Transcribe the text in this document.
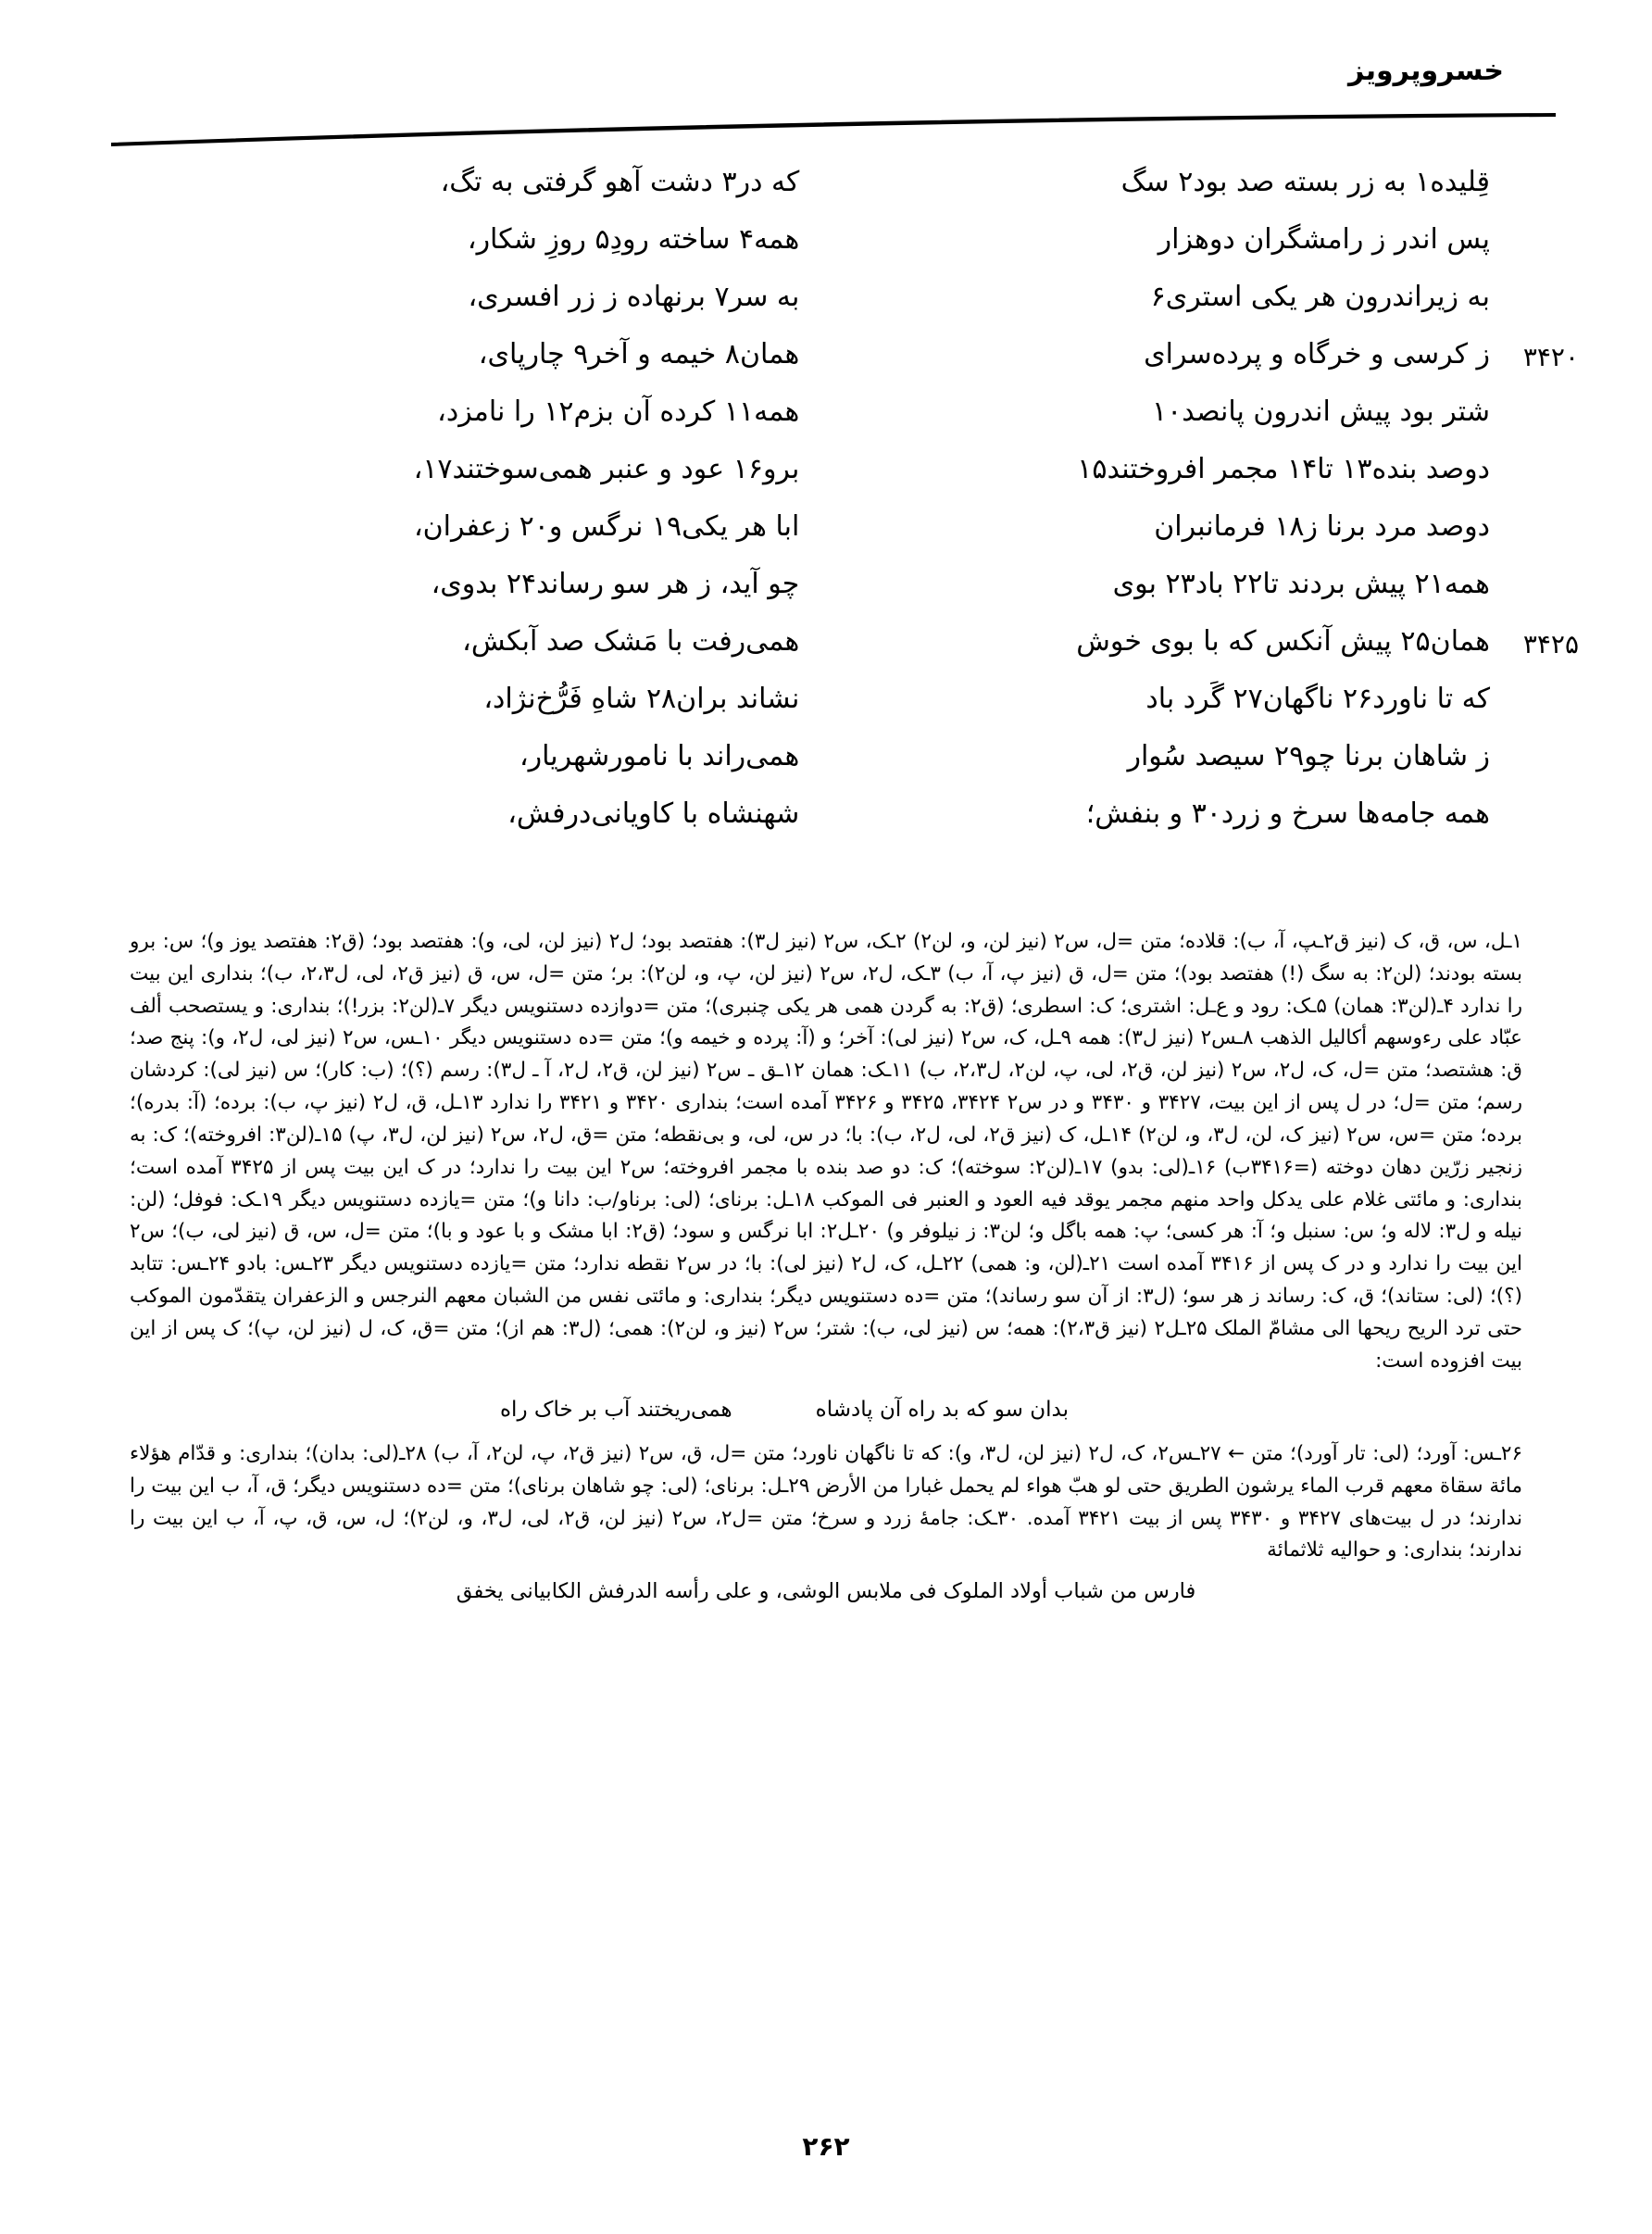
خسروپرویز
قِلیده۱ به زر بسته صد بود۲ سگ
که در۳ دشت آهو گرفتی به تگ،
پس اندر ز رامشگران دوهزار
همه۴ ساخته رودِ۵ روزِ شکار،
به زیراندرون هر یکی استری۶
به سر۷ برنهاده ز زر افسری،
۳۴۲۰
ز کرسی و خرگاه و پرده‌سرای
همان۸ خیمه و آخر۹ چارپای،
شتر بود پیش اندرون پانصد۱۰
همه۱۱ کرده آن بزم۱۲ را نامزد،
دوصد بنده۱۳ تا۱۴ مجمر افروختند۱۵
برو۱۶ عود و عنبر همی‌سوختند۱۷،
دوصد مرد برنا ز۱۸ فرمانبران
ابا هر یکی۱۹ نرگس و۲۰ زعفران،
همه۲۱ پیش بردند تا۲۲ باد۲۳ بوی
چو آید، ز هر سو رساند۲۴ بدوی،
۳۴۲۵
همان۲۵ پیش آنکس که با بوی خوش
همی‌رفت با مَشک صد آبکش،
که تا ناورد۲۶ ناگهان۲۷ گَرد باد
نشاند بران۲۸ شاهِ فَرُّخ‌نژاد،
ز شاهان برنا چو۲۹ سیصد سُوار
همی‌راند با نامورشهریار،
همه جامه‌ها سرخ و زرد۳۰ و بنفش؛
شهنشاه با کاویانی‌درفش،

۱ـل، س، ق، ک (نیز ق۲ـپ، آ، ب): قلاده؛ متن =ل، س۲ (نیز لن، و، لن۲) ۲ـک، س۲ (نیز ل۳): هفتصد بود؛ ل۲ (نیز لن، لی، و): هفتصد بود؛ (ق۲: هفتصد یوز و)؛ س: برو بسته بودند؛ (لن۲: به سگ (!) هفتصد بود)؛ متن =ل، ق (نیز پ، آ، ب) ۳ـک، ل۲، س۲ (نیز لن، پ، و، لن۲): بر؛ متن =ل، س، ق (نیز ق۲، لی، ل۲،۳، ب)؛ بنداری این بیت را ندارد ۴ـ(لن۳: همان) ۵ـک: رود و ع‌ـل: اشتری؛ ک: اسطری؛ (ق۲: به گردن همی هر یکی چنبری)؛ متن =دوازده دستنویس دیگر ۷ـ(لن۲: بزر!)؛ بنداری: و یستصحب ألف عبّاد علی رءوسهم أکالیل الذهب ۸ـس۲ (نیز ل۳): همه ۹ـل، ک، س۲ (نیز لی): آخر؛ و (آ: پرده و خیمه و)؛ متن =ده دستنویس دیگر ۱۰ـس، س۲ (نیز لی، ل۲، و): پنج صد؛ ق: هشتصد؛ متن =ل، ک، ل۲، س۲ (نیز لن، ق۲، لی، پ، لن۲، ل۲،۳، ب) ۱۱ـک: همان ۱۲ـق ـ س۲ (نیز لن، ق۲، ل۲، آ ـ ل۳): رسم (؟)؛ (ب: کار)؛ س (نیز لی): کردشان رسم؛ متن =ل؛ در ل پس از این بیت، ۳۴۲۷ و ۳۴۳۰ و در س۲ ۳۴۲۴، ۳۴۲۵ و ۳۴۲۶ آمده است؛ بنداری ۳۴۲۰ و ۳۴۲۱ را ندارد ۱۳ـل، ق، ل۲ (نیز پ، ب): برده؛ (آ: بدره)؛ برده؛ متن =س، س۲ (نیز ک، لن، ل۳، و، لن۲) ۱۴ـل، ک (نیز ق۲، لی، ل۲، ب): با؛ در س، لی، و بی‌نقطه؛ متن =ق، ل۲، س۲ (نیز لن، ل۳، پ) ۱۵ـ(لن۳: افروخته)؛ ک: به زنجیر زرّین دهان دوخته (=۳۴۱۶ب) ۱۶ـ(لی: بدو) ۱۷ـ(لن۲: سوخته)؛ ک: دو صد بنده با مجمر افروخته؛ س۲ این بیت را ندارد؛ در ک این بیت پس از ۳۴۲۵ آمده است؛ بنداری: و مائتی غلام علی یدکل واحد منهم مجمر یوقد فیه العود و العنبر فی الموکب ۱۸ـل: برنای؛ (لی: برناو/ب: دانا و)؛ متن =یازده دستنویس دیگر ۱۹ـک: فوفل؛ (لن: نیله و ل۳: لاله و؛ س: سنبل و؛ آ: هر کسی؛ پ: همه باگل و؛ لن۳: ز نیلوفر و) ۲۰ـل۲: ابا نرگس و سود؛ (ق۲: ابا مشک و با عود و با)؛ متن =ل، س، ق (نیز لی، ب)؛ س۲ این بیت را ندارد و در ک پس از ۳۴۱۶ آمده است ۲۱ـ(لن، و: همی) ۲۲ـل، ک، ل۲ (نیز لی): با؛ در س۲ نقطه ندارد؛ متن =یازده دستنویس دیگر ۲۳ـس: بادو ۲۴ـس: تتابد (؟)؛ (لی: ستاند)؛ ق، ک: رساند ز هر سو؛ (ل۳: از آن سو رساند)؛ متن =ده دستنویس دیگر؛ بنداری: و مائتی نفس من الشبان معهم النرجس و الزعفران یتقدّمون الموکب حتی ترد الریح ریحها الی مشامّ الملک ۲۵ـل۲ (نیز ق۲،۳): همه؛ س (نیز لی، ب): شتر؛ س۲ (نیز و، لن۲): همی؛ (ل۳: هم از)؛ متن =ق، ک، ل (نیز لن، پ)؛ ک پس از این بیت افزوده است:

بدان سو که بد راه آن پادشاه
همی‌ریختند آب بر خاک راه

۲۶ـس: آورد؛ (لی: تار آورد)؛ متن ← ۲۷ـس۲، ک، ل۲ (نیز لن، ل۳، و): که تا ناگهان ناورد؛ متن =ل، ق، س۲ (نیز ق۲، پ، لن۲، آ، ب) ۲۸ـ(لی: بدان)؛ بنداری: و قدّام هؤلاء مائة سقاة معهم قرب الماء یرشون الطریق حتی لو هبّ هواء لم یحمل غبارا من الأرض ۲۹ـل: برنای؛ (لی: چو شاهان برنای)؛ متن =ده دستنویس دیگر؛ ق، آ، ب این بیت را ندارند؛ در ل بیت‌های ۳۴۲۷ و ۳۴۳۰ پس از بیت ۳۴۲۱ آمده. ۳۰ـک: جامهٔ زرد و سرخ؛ متن =ل۲، س۲ (نیز لن، ق۲، لی، ل۳، و، لن۲)؛ ل، س، ق، پ، آ، ب این بیت را ندارند؛ بنداری: و حوالیه ثلاثمائة

فارس من شباب أولاد الملوک فی ملابس الوشی، و علی رأسه الدرفش الکابیانی یخفق
۲۶۲
